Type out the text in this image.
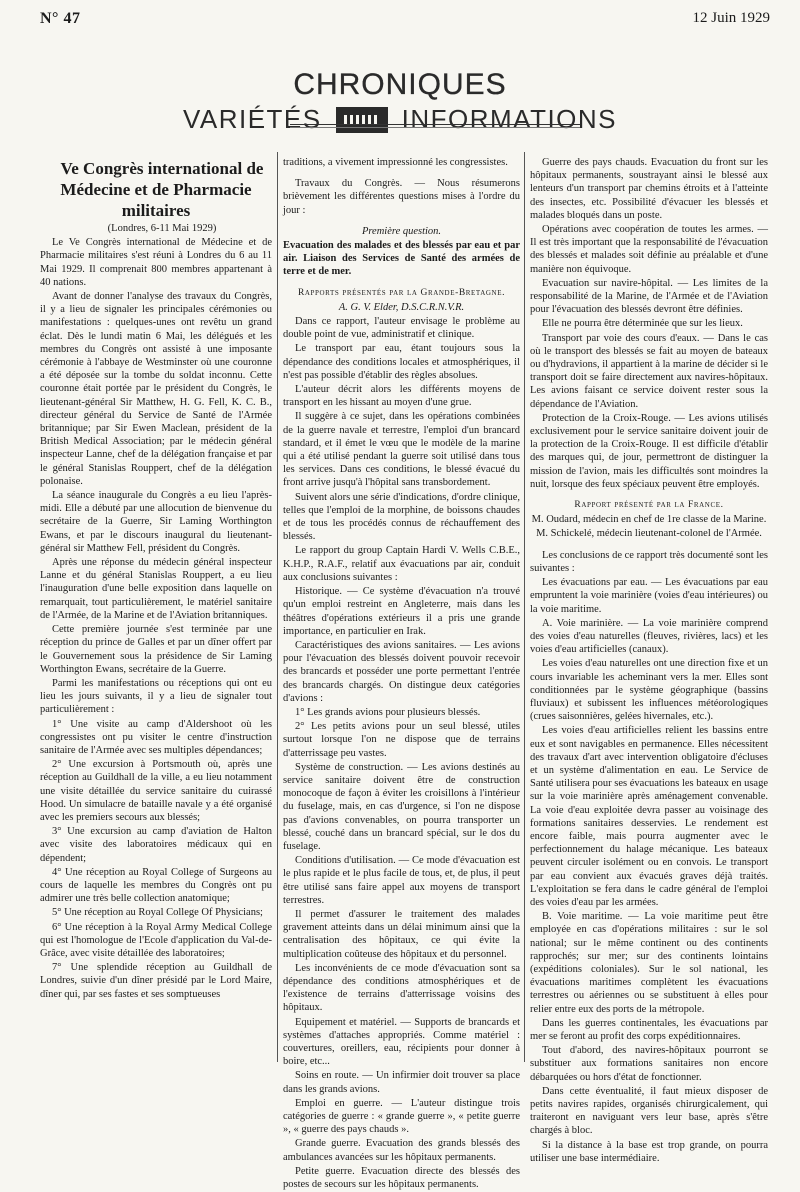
N° 47	12 Juin 1929
CHRONIQUES
VARIÉTÉS	INFORMATIONS

Ve Congrès international de Médecine et de Pharmacie militaires

(Londres, 6-11 Mai 1929)

Le Ve Congrès international de Médecine et de Pharmacie militaires s'est réuni à Londres du 6 au 11 Mai 1929. Il comprenait 800 membres appartenant à 40 nations.

Avant de donner l'analyse des travaux du Congrès, il y a lieu de signaler les principales cérémonies ou manifestations : quelques-unes ont revêtu un grand éclat. Dès le lundi matin 6 Mai, les délégués et les membres du Congrès ont assisté à une imposante cérémonie à l'abbaye de Westminster où une couronne a été déposée sur la tombe du soldat inconnu. Cette couronne était portée par le président du Congrès, le lieutenant-général Sir Matthew, H. G. Fell, K. C. B., directeur général du Service de Santé de l'Armée britannique; par Sir Ewen Maclean, président de la British Medical Association; par le médecin général inspecteur Lanne, chef de la délégation française et par le général Stanislas Rouppert, chef de la délégation polonaise.

La séance inaugurale du Congrès a eu lieu l'après-midi. Elle a débuté par une allocution de bienvenue du secrétaire de la Guerre, Sir Laming Worthington Ewans, et par le discours inaugural du lieutenant-général sir Matthew Fell, président du Congrès.

Après une réponse du médecin général inspecteur Lanne et du général Stanislas Rouppert, a eu lieu l'inauguration d'une belle exposition dans laquelle on remarquait, tout particulièrement, le matériel sanitaire de l'Armée, de la Marine et de l'Aviation britanniques.

Cette première journée s'est terminée par une réception du prince de Galles et par un dîner offert par le Gouvernement sous la présidence de Sir Laming Worthington Ewans, secrétaire de la Guerre.

Parmi les manifestations ou réceptions qui ont eu lieu les jours suivants, il y a lieu de signaler tout particulièrement :

1° Une visite au camp d'Aldershoot où les congressistes ont pu visiter le centre d'instruction sanitaire de l'Armée avec ses multiples dépendances;

2° Une excursion à Portsmouth où, après une réception au Guildhall de la ville, a eu lieu notamment une visite détaillée du service sanitaire du cuirassé Hood. Un simulacre de bataille navale y a été organisé avec les premiers secours aux blessés;

3° Une excursion au camp d'aviation de Halton avec visite des laboratoires médicaux qui en dépendent;

4° Une réception au Royal College of Surgeons au cours de laquelle les membres du Congrès ont pu admirer une très belle collection anatomique;

5° Une réception au Royal College Of Physicians;

6° Une réception à la Royal Army Medical College qui est l'homologue de l'Ecole d'application du Val-de-Grâce, avec visite détaillée des laboratoires;

7° Une splendide réception au Guildhall de Londres, suivie d'un dîner présidé par le Lord Maire, dîner qui, par ses fastes et ses somptueuses

traditions, a vivement impressionné les congressistes.

Travaux du Congrès. — Nous résumerons brièvement les différentes questions mises à l'ordre du jour :

Première question.

Evacuation des malades et des blessés par eau et par air. Liaison des Services de Santé des armées de terre et de mer.

Rapports présentés par la Grande-Bretagne.

A. G. V. Elder, D.S.C.R.N.V.R.

Dans ce rapport, l'auteur envisage le problème au double point de vue, administratif et clinique.

Le transport par eau, étant toujours sous la dépendance des conditions locales et atmosphériques, il n'est pas possible d'établir des règles absolues.

L'auteur décrit alors les différents moyens de transport en les hissant au moyen d'une grue.

Il suggère à ce sujet, dans les opérations combinées de la guerre navale et terrestre, l'emploi d'un brancard standard, et il émet le vœu que le modèle de la marine qui a été utilisé pendant la guerre soit utilisé dans tous les services. Dans ces conditions, le blessé évacué du front arrive jusqu'à l'hôpital sans transbordement.

Suivent alors une série d'indications, d'ordre clinique, telles que l'emploi de la morphine, de boissons chaudes et de tous les procédés connus de réchauffement des blessés.

Le rapport du group Captain Hardi V. Wells C.B.E., K.H.P., R.A.F., relatif aux évacuations par air, conduit aux conclusions suivantes :

Historique. — Ce système d'évacuation n'a trouvé qu'un emploi restreint en Angleterre, mais dans les théâtres d'opérations extérieurs il a pris une grande importance, en particulier en Irak.

Caractéristiques des avions sanitaires. — Les avions pour l'évacuation des blessés doivent pouvoir recevoir des brancards et posséder une porte permettant l'entrée des brancards chargés. On distingue deux catégories d'avions :

1° Les grands avions pour plusieurs blessés.

2° Les petits avions pour un seul blessé, utiles surtout lorsque l'on ne dispose que de terrains d'atterrissage peu vastes.

Système de construction. — Les avions destinés au service sanitaire doivent être de construction monocoque de façon à éviter les croisillons à l'intérieur du fuselage, mais, en cas d'urgence, si l'on ne dispose pas d'avions convenables, on pourra transporter un blessé, couché dans un brancard spécial, sur le dos du fuselage.

Conditions d'utilisation. — Ce mode d'évacuation est le plus rapide et le plus facile de tous, et, de plus, il peut être utilisé sans faire appel aux moyens de transport terrestres.

Il permet d'assurer le traitement des malades gravement atteints dans un délai minimum ainsi que la centralisation des hôpitaux, ce qui évite la multiplication coûteuse des hôpitaux et du personnel.

Les inconvénients de ce mode d'évacuation sont sa dépendance des conditions atmosphériques et de l'existence de terrains d'atterrissage voisins des hôpitaux.

Equipement et matériel. — Supports de brancards et systèmes d'attaches appropriés. Comme matériel : couvertures, oreillers, eau, récipients pour donner à boire, etc...

Soins en route. — Un infirmier doit trouver sa place dans les grands avions.

Emploi en guerre. — L'auteur distingue trois catégories de guerre : « grande guerre », « petite guerre », « guerre des pays chauds ».

Grande guerre. Evacuation des grands blessés des ambulances avancées sur les hôpitaux permanents.

Petite guerre. Evacuation directe des blessés des postes de secours sur les hôpitaux permanents.

Guerre des pays chauds. Evacuation du front sur les hôpitaux permanents, soustrayant ainsi le blessé aux lenteurs d'un transport par chemins étroits et à l'atteinte des insectes, etc. Possibilité d'évacuer les blessés et malades bloqués dans un poste.

Opérations avec coopération de toutes les armes. — Il est très important que la responsabilité de l'évacuation des blessés et malades soit définie au préalable et d'une manière non équivoque.

Evacuation sur navire-hôpital. — Les limites de la responsabilité de la Marine, de l'Armée et de l'Aviation pour l'évacuation des blessés devront être définies.

Elle ne pourra être déterminée que sur les lieux.

Transport par voie des cours d'eaux. — Dans le cas où le transport des blessés se fait au moyen de bateaux ou d'hydravions, il appartient à la marine de décider si le transport doit se faire directement aux navires-hôpitaux. Les avions faisant ce service doivent rester sous la dépendance de l'Aviation.

Protection de la Croix-Rouge. — Les avions utilisés exclusivement pour le service sanitaire doivent jouir de la protection de la Croix-Rouge. Il est difficile d'établir des marques qui, de jour, permettront de distinguer la mission de l'avion, mais les difficultés sont moindres la nuit, lorsque des feux spéciaux peuvent être employés.

Rapport présenté par la France.

M. Oudard, médecin en chef de 1re classe de la Marine.

M. Schickelé, médecin lieutenant-colonel de l'Armée.

Les conclusions de ce rapport très documenté sont les suivantes :

Les évacuations par eau. — Les évacuations par eau empruntent la voie marinière (voies d'eau intérieures) ou la voie maritime.

A. Voie marinière. — La voie marinière comprend des voies d'eau naturelles (fleuves, rivières, lacs) et les voies d'eau artificielles (canaux).

Les voies d'eau naturelles ont une direction fixe et un cours invariable les acheminant vers la mer. Elles sont conditionnées par le système géographique (bassins fluviaux) et subissent les influences météorologiques (crues saisonnières, gelées hivernales, etc.).

Les voies d'eau artificielles relient les bassins entre eux et sont navigables en permanence. Elles nécessitent des travaux d'art avec intervention obligatoire d'écluses et un système d'alimentation en eau. Le Service de Santé utilisera pour ses évacuations les bateaux en usage sur la voie marinière après aménagement convenable. La voie d'eau exploitée devra passer au voisinage des formations sanitaires desservies. Le rendement est encore faible, mais pourra augmenter avec le perfectionnement du halage mécanique. Les bateaux peuvent circuler isolément ou en convois. Le transport par eau convient aux évacués graves déjà traités. L'exploitation se fera dans le cadre général de l'emploi des voies d'eau par les armées.

B. Voie maritime. — La voie maritime peut être employée en cas d'opérations militaires : sur le sol national; sur le même continent ou des continents rapprochés; sur mer; sur des continents lointains (expéditions coloniales). Sur le sol national, les évacuations maritimes complètent les évacuations terrestres ou aériennes ou se substituent à elles pour relier entre eux des ports de la métropole.

Dans les guerres continentales, les évacuations par mer se feront au profit des corps expéditionnaires.

Tout d'abord, des navires-hôpitaux pourront se substituer aux formations sanitaires non encore débarquées ou hors d'état de fonctionner.

Dans cette éventualité, il faut mieux disposer de petits navires rapides, organisés chirurgicalement, qui traiteront en naviguant vers leur base, après s'être chargés à bloc.

Si la distance à la base est trop grande, on pourra utiliser une base intermédiaire.
